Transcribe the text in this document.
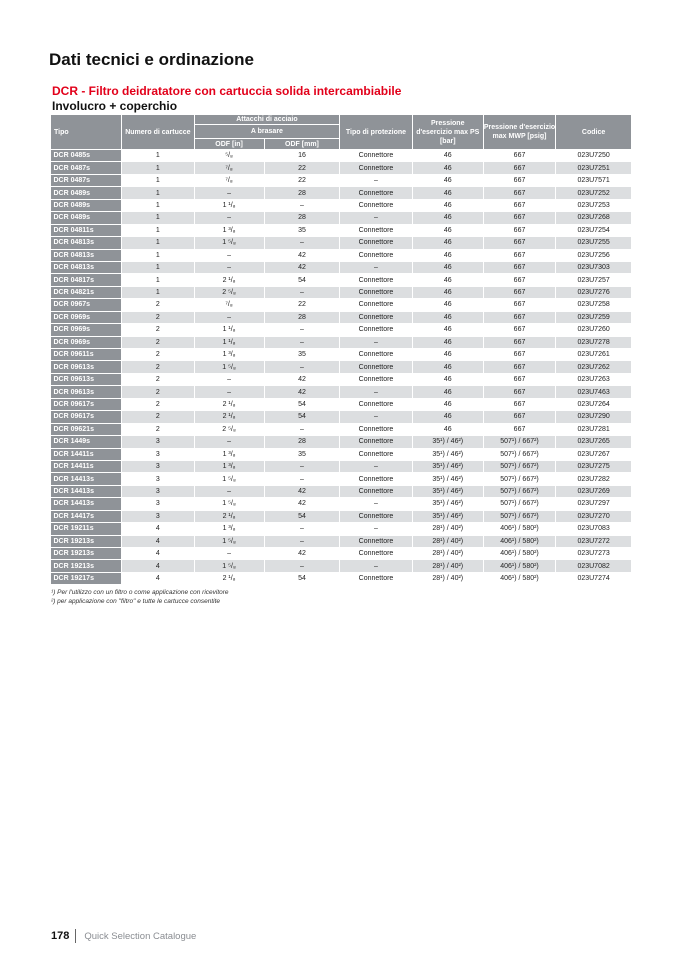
Dati tecnici e ordinazione
DCR - Filtro deidratatore con cartuccia solida intercambiabile
Involucro + coperchio
Tipo	Numero di cartucce	Attacchi di acciaio		Tipo di protezione	Pressione d'esercizio max PS [bar]	Pressione d'esercizio max MWP [psig]	Codice
		A brasare					
		ODF [in]	ODF [mm]				
DCR 0485s	1	⁵/₈	16	Connettore	46	667	023U7250
DCR 0487s	1	⁷/₈	22	Connettore	46	667	023U7251
DCR 0487s	1	⁷/₈	22	–	46	667	023U7571
DCR 0489s	1	–	28	Connettore	46	667	023U7252
DCR 0489s	1	1 ¹/₈	–	Connettore	46	667	023U7253
DCR 0489s	1	–	28	–	46	667	023U7268
DCR 04811s	1	1 ³/₈	35	Connettore	46	667	023U7254
DCR 04813s	1	1 ⁵/₈	–	Connettore	46	667	023U7255
DCR 04813s	1	–	42	Connettore	46	667	023U7256
DCR 04813s	1	–	42	–	46	667	023U7303
DCR 04817s	1	2 ¹/₈	54	Connettore	46	667	023U7257
DCR 04821s	1	2 ⁵/₈	–	Connettore	46	667	023U7276
DCR 0967s	2	⁷/₈	22	Connettore	46	667	023U7258
DCR 0969s	2	–	28	Connettore	46	667	023U7259
DCR 0969s	2	1 ¹/₈	–	Connettore	46	667	023U7260
DCR 0969s	2	1 ¹/₈	–	–	46	667	023U7278
DCR 09611s	2	1 ³/₈	35	Connettore	46	667	023U7261
DCR 09613s	2	1 ⁵/₈	–	Connettore	46	667	023U7262
DCR 09613s	2	–	42	Connettore	46	667	023U7263
DCR 09613s	2	–	42	–	46	667	023U7463
DCR 09617s	2	2 ¹/₈	54	Connettore	46	667	023U7264
DCR 09617s	2	2 ¹/₈	54	–	46	667	023U7290
DCR 09621s	2	2 ⁵/₈	–	Connettore	46	667	023U7281
DCR 1449s	3	–	28	Connettore	35¹) / 46²)	507¹) / 667²)	023U7265
DCR 14411s	3	1 ³/₈	35	Connettore	35¹) / 46²)	507¹) / 667²)	023U7267
DCR 14411s	3	1 ³/₈	–	–	35¹) / 46²)	507¹) / 667²)	023U7275
DCR 14413s	3	1 ⁵/₈	–	Connettore	35¹) / 46²)	507¹) / 667²)	023U7282
DCR 14413s	3	–	42	Connettore	35¹) / 46²)	507¹) / 667²)	023U7269
DCR 14413s	3	1 ⁵/₈	42	–	35¹) / 46²)	507¹) / 667²)	023U7297
DCR 14417s	3	2 ¹/₈	54	Connettore	35¹) / 46²)	507¹) / 667²)	023U7270
DCR 19211s	4	1 ³/₈	–	–	28¹) / 40²)	406¹) / 580²)	023U7083
DCR 19213s	4	1 ⁵/₈	–	Connettore	28¹) / 40²)	406¹) / 580²)	023U7272
DCR 19213s	4	–	42	Connettore	28¹) / 40²)	406¹) / 580²)	023U7273
DCR 19213s	4	1 ⁵/₈	–	–	28¹) / 40²)	406¹) / 580²)	023U7082
DCR 19217s	4	2 ¹/₈	54	Connettore	28¹) / 40²)	406¹) / 580²)	023U7274
¹) Per l'utilizzo con un filtro o come applicazione con ricevitore
²) per applicazione con "filtro" e tutte le cartucce consentite
178 Quick Selection Catalogue
